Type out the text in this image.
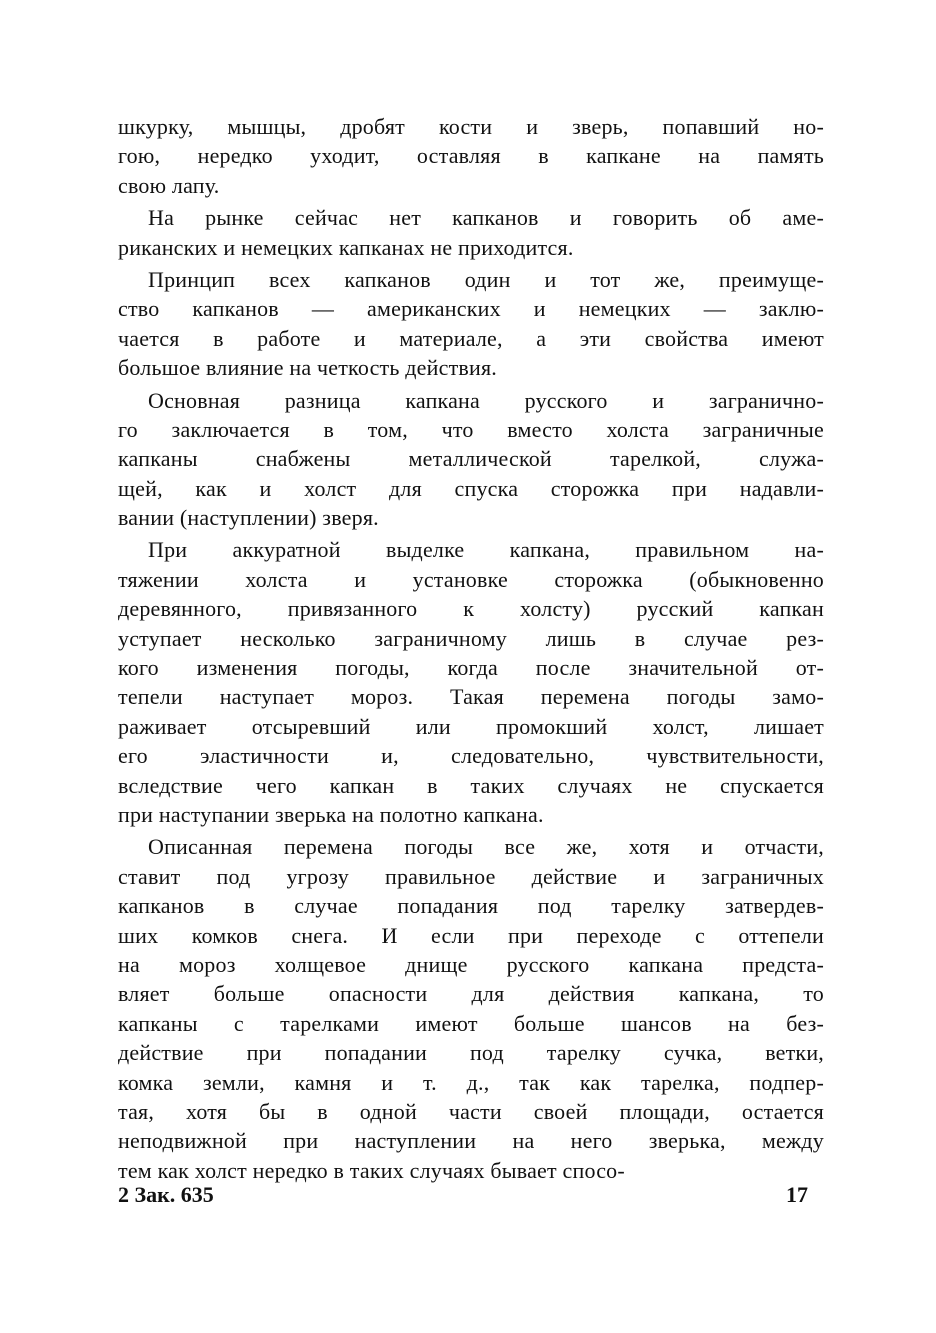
шкурку, мышцы, дробят кости и зверь, попавший но-
гою, нередко уходит, оставляя в капкане на память
свою лапу.
На рынке сейчас нет капканов и говорить об аме-
риканских и немецких капканах не приходится.
Принцип всех капканов один и тот же, преимуще-
ство капканов — американских и немецких — заклю-
чается в работе и материале, а эти свойства имеют
большое влияние на четкость действия.
Основная разница капкана русского и загранично-
го заключается в том, что вместо холста заграничные
капканы снабжены металлической тарелкой, служа-
щей, как и холст для спуска сторожка при надавли-
вании (наступлении) зверя.
При аккуратной выделке капкана, правильном на-
тяжении холста и установке сторожка (обыкновенно
деревянного, привязанного к холсту) русский капкан
уступает несколько заграничному лишь в случае рез-
кого изменения погоды, когда после значительной от-
тепели наступает мороз. Такая перемена погоды замо-
раживает отсыревший или промокший холст, лишает
его эластичности и, следовательно, чувствительности,
вследствие чего капкан в таких случаях не спускается
при наступании зверька на полотно капкана.
Описанная перемена погоды все же, хотя и отчасти,
ставит под угрозу правильное действие и заграничных
капканов в случае попадания под тарелку затвердев-
ших комков снега. И если при переходе с оттепели
на мороз холщевое днище русского капкана предста-
вляет больше опасности для действия капкана, то
капканы с тарелками имеют больше шансов на без-
действие при попадании под тарелку сучка, ветки,
комка земли, камня и т. д., так как тарелка, подпер-
тая, хотя бы в одной части своей площади, остается
неподвижной при наступлении на него зверька, между
тем как холст нередко в таких случаях бывает спосо-
2 Зак. 635	17
